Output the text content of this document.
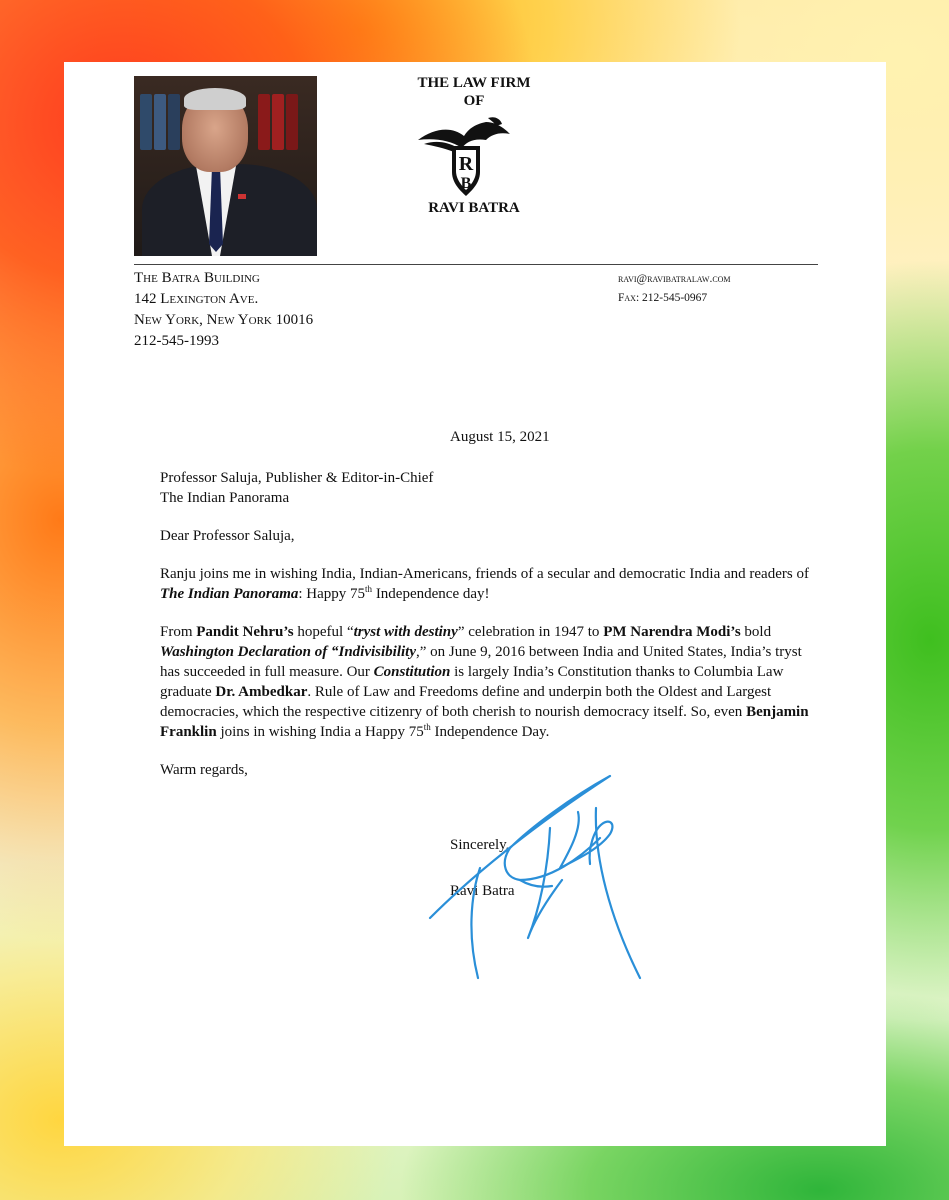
THE LAW FIRM
OF
R
B
RAVI BATRA
The Batra Building
142 Lexington Ave.
New York, New York 10016
212-545-1993
ravi@ravibatralaw.com
Fax: 212-545-0967
August 15, 2021

Professor Saluja, Publisher & Editor-in-Chief
The Indian Panorama

Dear Professor Saluja,

Ranju joins me in wishing India, Indian-Americans, friends of a secular and democratic India and readers of The Indian Panorama: Happy 75th Independence day!

From Pandit Nehru’s hopeful “tryst with destiny” celebration in 1947 to PM Narendra Modi’s bold Washington Declaration of “Indivisibility,” on June 9, 2016 between India and United States, India’s tryst has succeeded in full measure. Our Constitution is largely India’s Constitution thanks to Columbia Law graduate Dr. Ambedkar. Rule of Law and Freedoms define and underpin both the Oldest and Largest democracies, which the respective citizenry of both cherish to nourish democracy itself. So, even Benjamin Franklin joins in wishing India a Happy 75th Independence Day.

Warm regards,

Sincerely,
Ravi Batra
